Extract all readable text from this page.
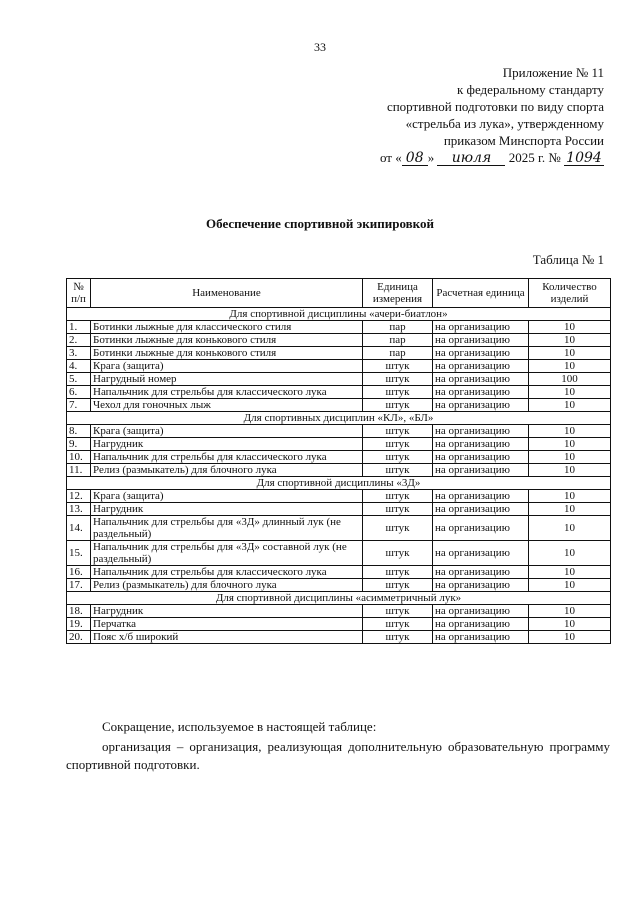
33
Приложение № 11
к федеральному стандарту
спортивной подготовки по виду спорта
«стрельба из лука», утвержденному
приказом Минспорта России
от « 08 » июля 2025 г. № 1094
Обеспечение спортивной экипировкой
Таблица № 1
№ п/п	Наименование	Единица измерения	Расчетная единица	Количество изделий
Для спортивной дисциплины «ачери-биатлон»				
1.	Ботинки лыжные для классического стиля	пар	на организацию	10
2.	Ботинки лыжные для конькового стиля	пар	на организацию	10
3.	Ботинки лыжные для конькового стиля	пар	на организацию	10
4.	Крага (защита)	штук	на организацию	10
5.	Нагрудный номер	штук	на организацию	100
6.	Напальчник для стрельбы для классического лука	штук	на организацию	10
7.	Чехол для гоночных лыж	штук	на организацию	10
Для спортивных дисциплин «КЛ», «БЛ»				
8.	Крага (защита)	штук	на организацию	10
9.	Нагрудник	штук	на организацию	10
10.	Напальчник для стрельбы для классического лука	штук	на организацию	10
11.	Релиз (размыкатель) для блочного лука	штук	на организацию	10
Для спортивной дисциплины «3Д»				
12.	Крага (защита)	штук	на организацию	10
13.	Нагрудник	штук	на организацию	10
14.	Напальчник для стрельбы для «3Д» длинный лук (не раздельный)	штук	на организацию	10
15.	Напальчник для стрельбы для «3Д» составной лук (не раздельный)	штук	на организацию	10
16.	Напальчник для стрельбы для классического лука	штук	на организацию	10
17.	Релиз (размыкатель) для блочного лука	штук	на организацию	10
Для спортивной дисциплины «асимметричный лук»				
18.	Нагрудник	штук	на организацию	10
19.	Перчатка	штук	на организацию	10
20.	Пояс х/б широкий	штук	на организацию	10

Сокращение, используемое в настоящей таблице:

организация – организация, реализующая дополнительную образовательную программу спортивной подготовки.
